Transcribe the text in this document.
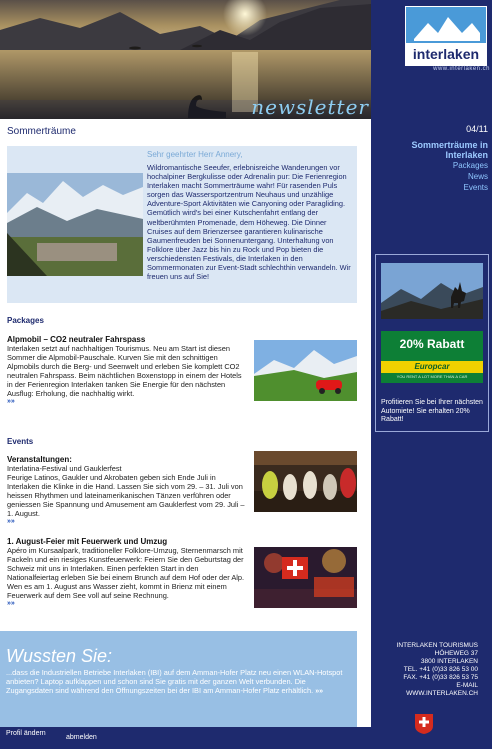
newsletter
interlaken
www.interlaken.ch
04/11
Sommerträume in Interlaken
Packages
News
Events
20% Rabatt
Europcar
YOU RENT A LOT MORE THAN A CAR
Profitieren Sie bei Ihrer nächsten Automiete! Sie erhalten 20% Rabatt!
INTERLAKEN TOURISMUS
HÖHEWEG 37
3800 INTERLAKEN
TEL. +41 (0)33 826 53 00
FAX. +41 (0)33 826 53 75
E-MAIL
WWW.INTERLAKEN.CH
Sommerträume
Sehr geehrter Herr Annery,
Wildromantische Seeufer, erlebnisreiche Wanderungen vor hochalpiner Bergkulisse oder Adrenalin pur: Die Ferienregion Interlaken macht Sommerträume wahr! Für rasenden Puls sorgen das Wassersportzentrum Neuhaus und unzählige Adventure-Sport Aktivitäten wie Canyoning oder Paragliding. Gemütlich wird's bei einer Kutschenfahrt entlang der weltberühmten Promenade, dem Höheweg. Die Dinner Cruises auf dem Brienzersee garantieren kulinarische Gaumenfreuden bei Sonnenuntergang. Unterhaltung von Folklore über Jazz bis hin zu Rock und Pop bieten die verschiedensten Festivals, die Interlaken in den Sommermonaten zur Event-Stadt schlechthin verwandeln. Wir freuen uns auf Sie!
Packages
Alpmobil – CO2 neutraler Fahrspass
Interlaken setzt auf nachhaltigen Tourismus. Neu am Start ist diesen Sommer die Alpmobil-Pauschale. Kurven Sie mit den schnittigen Alpmobils durch die Berg- und Seenwelt und erleben Sie komplett CO2 neutralen Fahrspass. Beim nächtlichen Boxenstopp in einem der Hotels in der Ferienregion Interlaken tanken Sie Energie für den nächsten Ausflug: Erholung, die nachhaltig wirkt.
»»
Events
Veranstaltungen:
Interlatina-Festival und Gauklerfest
Feurige Latinos, Gaukler und Akrobaten geben sich Ende Juli in Interlaken die Klinke in die Hand. Lassen Sie sich vom 29. – 31. Juli von heissen Rhythmen und lateinamerikanischen Tänzen verführen oder geniessen Sie Spannung und Amusement am Gauklerfest vom 29. Juli – 1. August.
»»
1. August-Feier mit Feuerwerk und Umzug
Apéro im Kursaalpark, traditioneller Folklore-Umzug, Sternenmarsch mit Fackeln und ein riesiges Kunstfeuerwerk: Feiern Sie den Geburtstag der Schweiz mit uns in Interlaken. Einen perfekten Start in den Nationalfeiertag erleben Sie bei einem Brunch auf dem Hof oder der Alp. Wen es am 1. August ans Wasser zieht, kommt in Brienz mit einem Feuerwerk auf dem See voll auf seine Rechnung.
»»
Wussten Sie:
...dass die Industriellen Betriebe Interlaken (IBI) auf dem Amman-Hofer Platz neu einen WLAN-Hotspot anbieten? Laptop aufklappen und schon sind Sie gratis mit der ganzen Welt verbunden. Die Zugangsdaten sind während den Öffnungszeiten bei der IBI am Amman-Hofer Platz erhältlich. »»
Profil ändern
abmelden
